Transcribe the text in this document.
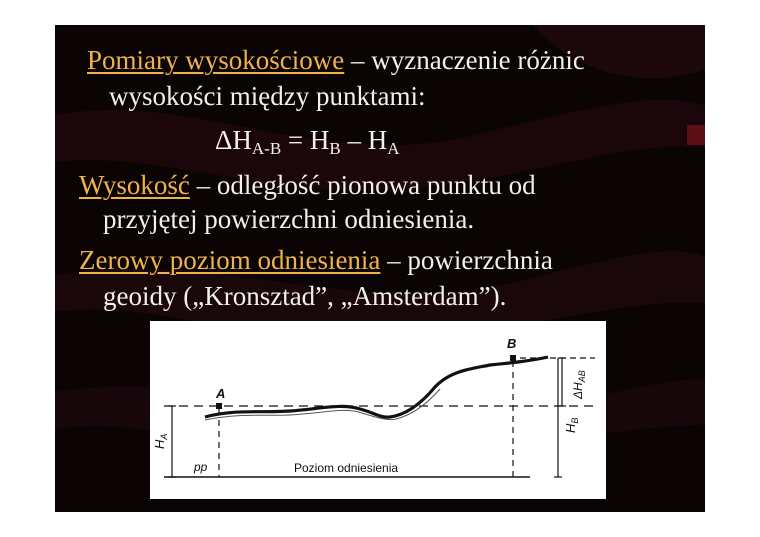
Pomiary wysokościowe – wyznaczenie różnic
wysokości między punktami:
$\Delta H_{A-B} = H_B - H_A$
Wysokość – odległość pionowa punktu od
przyjętej powierzchni odniesienia.
Zerowy poziom odniesienia – powierzchnia
geoidy („Kronsztad”, „Amsterdam”).
A
B
$H_A$
pp	Poziom odniesienia
$H_B$
$\Delta H_{AB}$
